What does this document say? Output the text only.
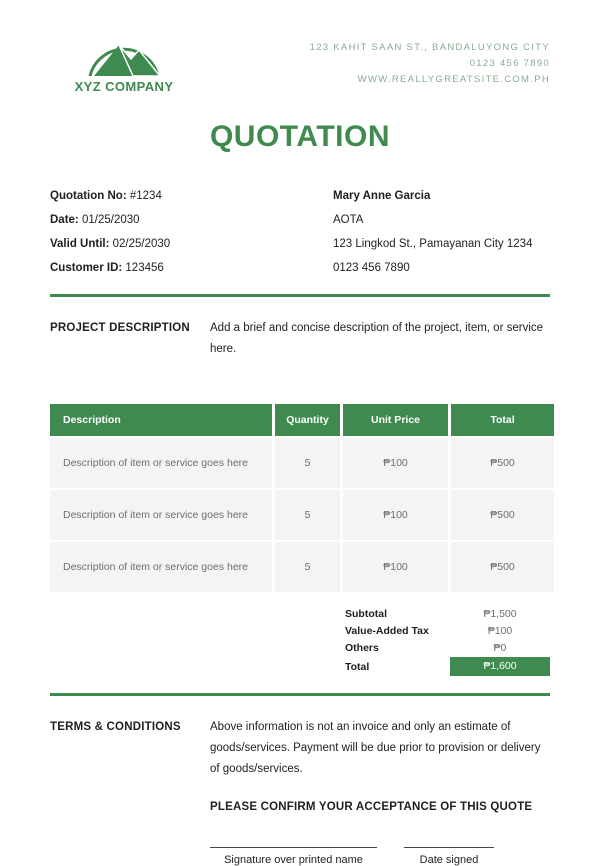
XYZ COMPANY
123 KAHIT SAAN ST., BANDALUYONG CITY
0123 456 7890
WWW.REALLYGREATSITE.COM.PH
QUOTATION
Quotation No: #1234
Date: 01/25/2030
Valid Until: 02/25/2030
Customer ID: 123456
Mary Anne Garcia
AOTA
123 Lingkod St., Pamayanan City 1234
0123 456 7890
PROJECT DESCRIPTION	Add a brief and concise description of the project, item, or service here.
Description	Quantity	Unit Price	Total
Description of item or service goes here	5	₱100	₱500
Description of item or service goes here	5	₱100	₱500
Description of item or service goes here	5	₱100	₱500
Subtotal	₱1,500
Value-Added Tax	₱100
Others	₱0
Total	₱1,600
TERMS & CONDITIONS	Above information is not an invoice and only an estimate of goods/services. Payment will be due prior to provision or delivery of goods/services.
PLEASE CONFIRM YOUR ACCEPTANCE OF THIS QUOTE
Signature over printed name	Date signed
